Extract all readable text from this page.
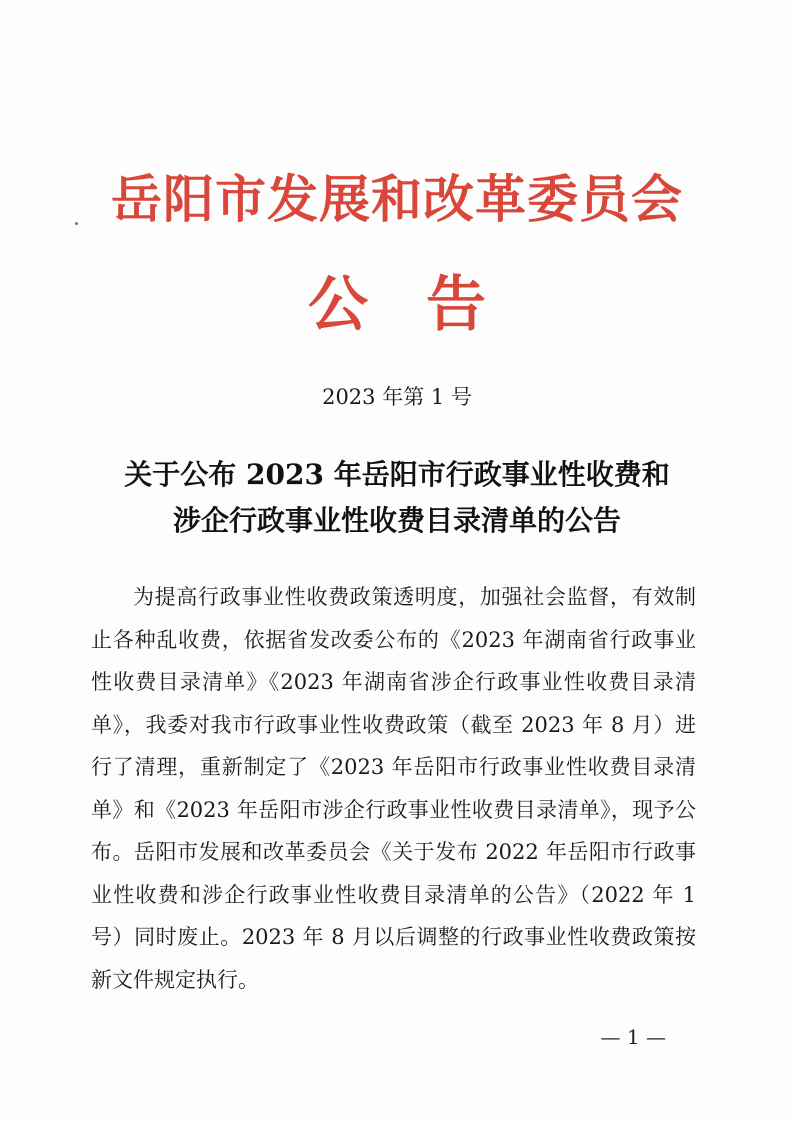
岳阳市发展和改革委员会
公告
2023 年第 1 号
关于公布 2023 年岳阳市行政事业性收费和
涉企行政事业性收费目录清单的公告

为提高行政事业性收费政策透明度，加强社会监督，有效制止各种乱收费，依据省发改委公布的《2023 年湖南省行政事业性收费目录清单》《2023 年湖南省涉企行政事业性收费目录清单》，我委对我市行政事业性收费政策（截至 2023 年 8 月）进行了清理，重新制定了《2023 年岳阳市行政事业性收费目录清单》和《2023 年岳阳市涉企行政事业性收费目录清单》，现予公布。岳阳市发展和改革委员会《关于发布 2022 年岳阳市行政事业性收费和涉企行政事业性收费目录清单的公告》（2022 年 1 号）同时废止。2023 年 8 月以后调整的行政事业性收费政策按新文件规定执行。

— 1 —
